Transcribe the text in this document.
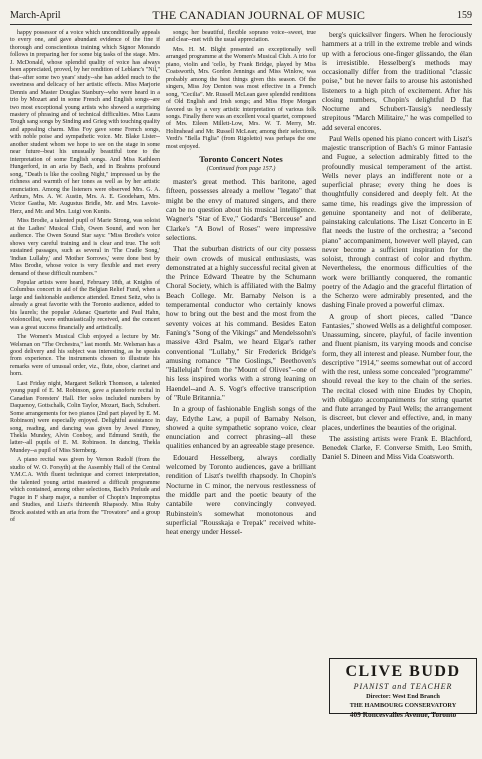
March-April	THE CANADIAN JOURNAL OF MUSIC	159

happy possessor of a voice which unconditionally appeals to every one, and gave abundant evidence of the fine if thorough and conscientious training which Signor Morando follows in preparing her for some big tasks of the stage. Mrs. J. McDonald, whose splendid quality of voice has always been appreciated, proved, by her rendition of Leblanc's "Nil," that--after some two years' study--she has added much to the sweetness and delicacy of her artistic effects. Miss Marjorie Dennis and Master Douglas Stanbury--who were heard in a trio by Mozart and in some French and English songs--are two most exceptional young artists who showed a surprising mastery of phrasing and of technical difficulties. Miss Laura Tough sang songs by Sinding and Grieg with touching quality and appealing charm. Miss Foy gave some French songs, with noble poise and sympathetic voice. Mr. Blake Lister--another student whom we hope to see on the stage in some near future--beat his unusually beautiful tone to the interpretation of some English songs. And Miss Kathleen Hungerford, in an aria by Bach, and in Brahms profound song, "Death is like the cooling Night," impressed us by the richness and warmth of her tones as well as by her artistic enunciation. Among the listeners were observed Mrs. G. A. Arthurs, Mrs. A. W. Austin, Mrs. A. E. Goodeham, Mrs. Victor Gastha, Mr. Augustus Bridle, Mr. and Mrs. Lavoie-Herz, and Mr. and Mrs. Luigi von Kunits.

Miss Brodie, a talented pupil of Marie Strong, was soloist at the Ladies' Musical Club, Owen Sound, and won her audience. The Owen Sound Star says: "Miss Brodie's voice shows very careful training and is clear and true. The soft sustained passages, such as several in 'The Cradle Song,' 'Indian Lullaby,' and 'Mother Sorrows,' were done best by Miss Brodie, whose voice is very flexible and met every demand of these difficult numbers."

Popular artists were heard, February 18th, at Knights of Columbus concert in aid of the Belgian Relief Fund, when a large and fashionable audience attended. Ernest Seitz, who is already a great favorite with the Toronto audience, added to his laurels; the popular Adanac Quartette and Paul Hahn, violoncellist, were enthusiastically received, and the concert was a great success financially and artistically.

The Women's Musical Club enjoyed a lecture by Mr. Welsman on "The Orchestra," last month. Mr. Welsman has a good delivery and his subject was interesting, as he speaks from experience. The instruments chosen to illustrate his remarks were of unusual order, viz., flute, oboe, clarinet and horn.

Last Friday night, Margaret Selkirk Thomson, a talented young pupil of E. M. Robinson, gave a pianoforte recital in Canadian Foresters' Hall. Her solos included numbers by Daquenoy, Gottschalk, Colin Taylor, Mozart, Bach, Schubert. Some arrangements for two pianos (2nd part played by E. M. Robinson) were especially enjoyed. Delightful assistance in song, reading, and dancing was given by Jewel Finney, Thekla Mundey, Alvin Conboy, and Edmund Smith, the latter--all pupils of E. M. Robinson. In dancing, Thekla Mundey--a pupil of Miss Sternberg.

A piano recital was given by Vernon Rudolf (from the studio of W. O. Forsyth) at the Assembly Hall of the Central Y.M.C.A. With fluent technique and correct interpretation, the talented young artist mastered a difficult programme which contained, among other selections, Bach's Prelude and Fugue in F sharp major, a number of Chopin's Impromptus and Studies, and Liszt's thirteenth Rhapsody. Miss Ruby Brock assisted with an aria from the "Trovatore" and a group of

songs; her beautiful, flexible soprano voice--sweet, true and clear--met with the usual appreciation.

Mrs. H. M. Blight presented an exceptionally well arranged programme at the Women's Musical Club. A trio for piano, violin and 'cello, by Frank Bridge, played by Miss Coatsworth, Mrs. Gordon Jennings and Miss Winlow, was probably among the best things given this season. Of the singers, Miss Joy Denton was most effective in a French song, "Cecilia". Mr. Russell McLean gave splendid renditions of Old English and Irish songs; and Miss Hope Morgan favored us by a very artistic interpretation of various folk songs. Finally there was an excellent vocal quartet, composed of Mrs. Eileen Millett-Low, Mrs. W. T. Merry, Mr. Holinshead and Mr. Russell McLean; among their selections, Verdi's "Bella Figlia" (from Rigoletto) was perhaps the one most enjoyed.

Toronto Concert Notes

(Continued from page 157.)

master's great method. This baritone, aged fifteen, possesses already a mellow "legato" that might be the envy of matured singers, and there can be no question about his musical intelligence. Wagner's "Star of Eve," Godard's "Berceuse" and Clarke's "A Bowl of Roses" were impressive selections.

That the suburban districts of our city possess their own crowds of musical enthusiasts, was demonstrated at a highly successful recital given at the Prince Edward Theatre by the Schumann Choral Society, which is affiliated with the Balmy Beach College. Mr. Barnaby Nelson is a temperamental conductor who certainly knows how to bring out the best and the most from the seventy voices at his command. Besides Eaton Faning's "Song of the Vikings" and Mendelssohn's massive 43rd Psalm, we heard Elgar's rather conventional "Lullaby," Sir Frederick Bridge's amusing romance "The Goslings," Beethoven's "Hallelujah" from the "Mount of Olives"--one of his less inspired works with a strong leaning on Haendel--and A. S. Vogt's effective transcription of "Rule Britannia."

In a group of fashionable English songs of the day, Edythe Law, a pupil of Barnaby Nelson, showed a quite sympathetic soprano voice, clear enunciation and correct phrasing--all these qualities enhanced by an agreeable stage presence.

Edouard Hesselberg, always cordially welcomed by Toronto audiences, gave a brilliant rendition of Liszt's twelfth rhapsody. In Chopin's Nocturne in C minor, the nervous restlessness of the middle part and the poetic beauty of the cantabile were convincingly conveyed. Rubinstein's somewhat monotonous and superficial "Rousskaja e Trepak" received white-heat energy under Hessel-

berg's quicksilver fingers. When he ferociously hammers at a trill in the extreme treble and winds up with a ferocious one-finger glissando, the élan is irresistible. Hesselberg's methods may occasionally differ from the traditional "classic poise," but he never fails to arouse his astonished listeners to a high pitch of excitement. After his closing numbers, Chopin's delightful D flat Nocturne and Schubert-Tausig's needlessly strepitous "March Militaire," he was compelled to add several encores.

Paul Wells opened his piano concert with Liszt's majestic transcription of Bach's G minor Fantasie and Fugue, a selection admirably fitted to the profoundly musical temperament of the artist. Wells never plays an indifferent note or a superficial phrase; every thing he does is thoughtfully considered and deeply felt. At the same time, his readings give the impression of genuine spontaneity and not of deliberate, painstaking calculations. The Liszt Concerto in E flat needs the lustre of the orchestra; a "second piano" accompaniment, however well played, can never become a sufficient inspiration for the soloist, through contrast of color and rhythm. Nevertheless, the enormous difficulties of the work were brilliantly conquered, the romantic poetry of the Adagio and the graceful flirtation of the Scherzo were admirably presented, and the dashing Finale proved a powerful climax.

A group of short pieces, called "Dance Fantasies," showed Wells as a delightful composer. Unassuming, sincere, playful, of facile invention and fluent pianism, its varying moods and concise form, they all interest and please. Number four, the descriptive "1914," seems somewhat out of accord with the rest, unless some concealed "programme" should reveal the key to the chain of the series. The recital closed with nine Etudes by Chopin, with obligato accompaniments for string quartet and flute arranged by Paul Wells; the arrangement is discreet, but clever and effective, and, in many places, underlines the beauties of the original.

The assisting artists were Frank E. Blachford, Benedek Clarke, F. Converse Smith, Leo Smith, Daniel S. Dineen and Miss Vida Coatsworth.

CLIVE BUDD
PIANIST and TEACHER
Director: West End Branch
THE HAMBOURG CONSERVATORY
409 Roncesvalles Avenue, Toronto
